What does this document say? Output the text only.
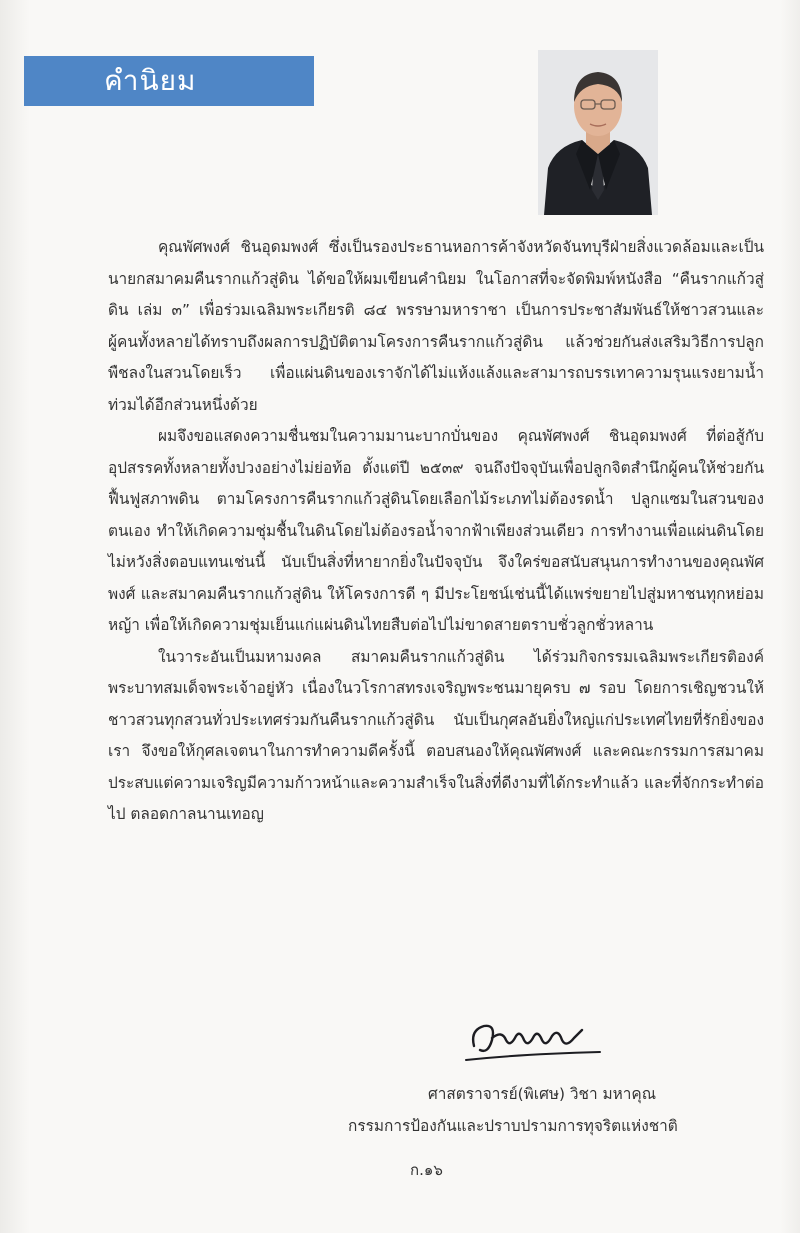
คำนิยม

คุณพัศพงศ์ ชินอุดมพงศ์ ซึ่งเป็นรองประธานหอการค้าจังหวัดจันทบุรีฝ่ายสิ่งแวดล้อมและเป็นนายกสมาคมคืนรากแก้วสู่ดิน ได้ขอให้ผมเขียนคำนิยม ในโอกาสที่จะจัดพิมพ์หนังสือ “คืนรากแก้วสู่ดิน เล่ม ๓” เพื่อร่วมเฉลิมพระเกียรติ ๘๔ พรรษามหาราชา เป็นการประชาสัมพันธ์ให้ชาวสวนและผู้คนทั้งหลายได้ทราบถึงผลการปฏิบัติตามโครงการคืนรากแก้วสู่ดิน แล้วช่วยกันส่งเสริมวิธีการปลูกพืชลงในสวนโดยเร็ว เพื่อแผ่นดินของเราจักได้ไม่แห้งแล้งและสามารถบรรเทาความรุนแรงยามน้ำท่วมได้อีกส่วนหนึ่งด้วย

ผมจึงขอแสดงความชื่นชมในความมานะบากบั่นของ คุณพัศพงศ์ ชินอุดมพงศ์ ที่ต่อสู้กับอุปสรรคทั้งหลายทั้งปวงอย่างไม่ย่อท้อ ตั้งแต่ปี ๒๕๓๙ จนถึงปัจจุบันเพื่อปลูกจิตสำนึกผู้คนให้ช่วยกันฟื้นฟูสภาพดิน ตามโครงการคืนรากแก้วสู่ดินโดยเลือกไม้ระเภทไม่ต้องรดน้ำ ปลูกแซมในสวนของตนเอง ทำให้เกิดความชุ่มชื้นในดินโดยไม่ต้องรอน้ำจากฟ้าเพียงส่วนเดียว การทำงานเพื่อแผ่นดินโดยไม่หวังสิ่งตอบแทนเช่นนี้ นับเป็นสิ่งที่หายากยิ่งในปัจจุบัน จึงใคร่ขอสนับสนุนการทำงานของคุณพัศพงศ์ และสมาคมคืนรากแก้วสู่ดิน ให้โครงการดี ๆ มีประโยชน์เช่นนี้ได้แพร่ขยายไปสู่มหาชนทุกหย่อมหญ้า เพื่อให้เกิดความชุ่มเย็นแก่แผ่นดินไทยสืบต่อไปไม่ขาดสายตราบชั่วลูกชั่วหลาน

ในวาระอันเป็นมหามงคล สมาคมคืนรากแก้วสู่ดิน ได้ร่วมกิจกรรมเฉลิมพระเกียรติองค์พระบาทสมเด็จพระเจ้าอยู่หัว เนื่องในวโรกาสทรงเจริญพระชนมายุครบ ๗ รอบ โดยการเชิญชวนให้ชาวสวนทุกสวนทั่วประเทศร่วมกันคืนรากแก้วสู่ดิน นับเป็นกุศลอันยิ่งใหญ่แก่ประเทศไทยที่รักยิ่งของเรา จึงขอให้กุศลเจตนาในการทำความดีครั้งนี้ ตอบสนองให้คุณพัศพงศ์ และคณะกรรมการสมาคมประสบแต่ความเจริญมีความก้าวหน้าและความสำเร็จในสิ่งที่ดีงามที่ได้กระทำแล้ว และที่จักกระทำต่อไป ตลอดกาลนานเทอญ

ศาสตราจารย์(พิเศษ) วิชา มหาคุณ
กรรมการป้องกันและปราบปรามการทุจริตแห่งชาติ
ก.๑๖
